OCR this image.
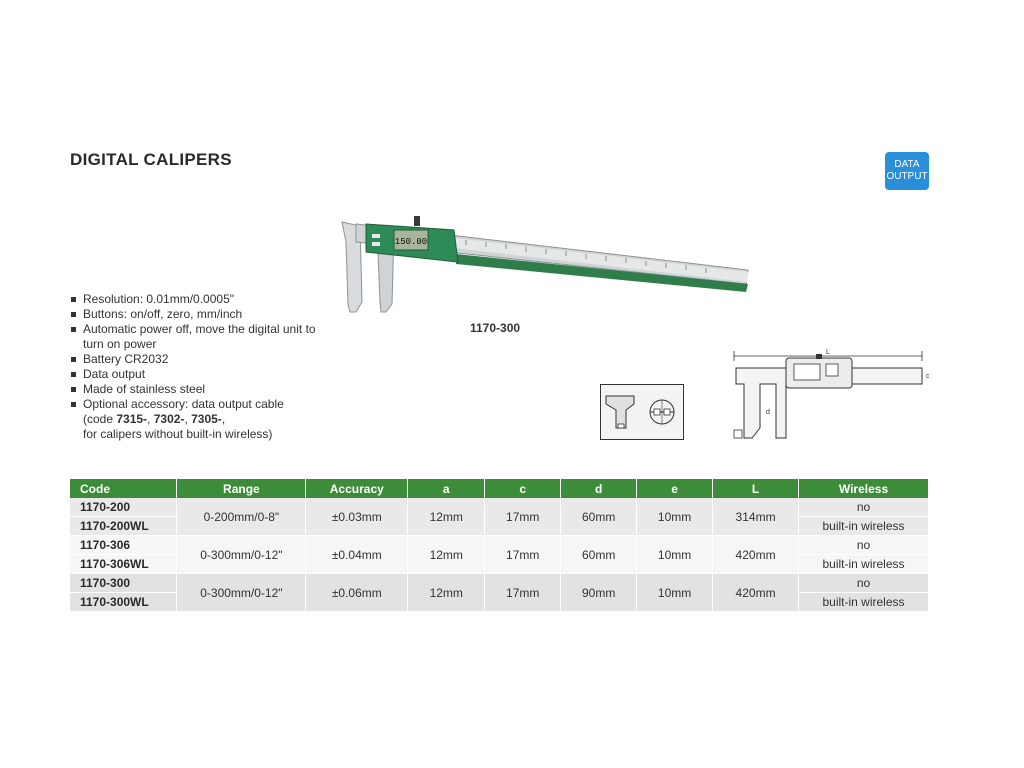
DIGITAL CALIPERS	DATA
OUTPUT
150.00
1170-300
Resolution: 0.01mm/0.0005"
Buttons: on/off, zero, mm/inch
Automatic power off, move the digital unit to turn on power
Battery CR2032
Data output
Made of stainless steel
Optional accessory: data output cable
(code 7315-, 7302-, 7305-,
for calipers without built-in wireless)
L
c
d
Code	Range	Accuracy	a	c	d	e	L	Wireless
1170-200	0-200mm/0-8"	±0.03mm	12mm	17mm	60mm	10mm	314mm	no
1170-200WL								built-in wireless
1170-306	0-300mm/0-12"	±0.04mm	12mm	17mm	60mm	10mm	420mm	no
1170-306WL								built-in wireless
1170-300	0-300mm/0-12"	±0.06mm	12mm	17mm	90mm	10mm	420mm	no
1170-300WL								built-in wireless
